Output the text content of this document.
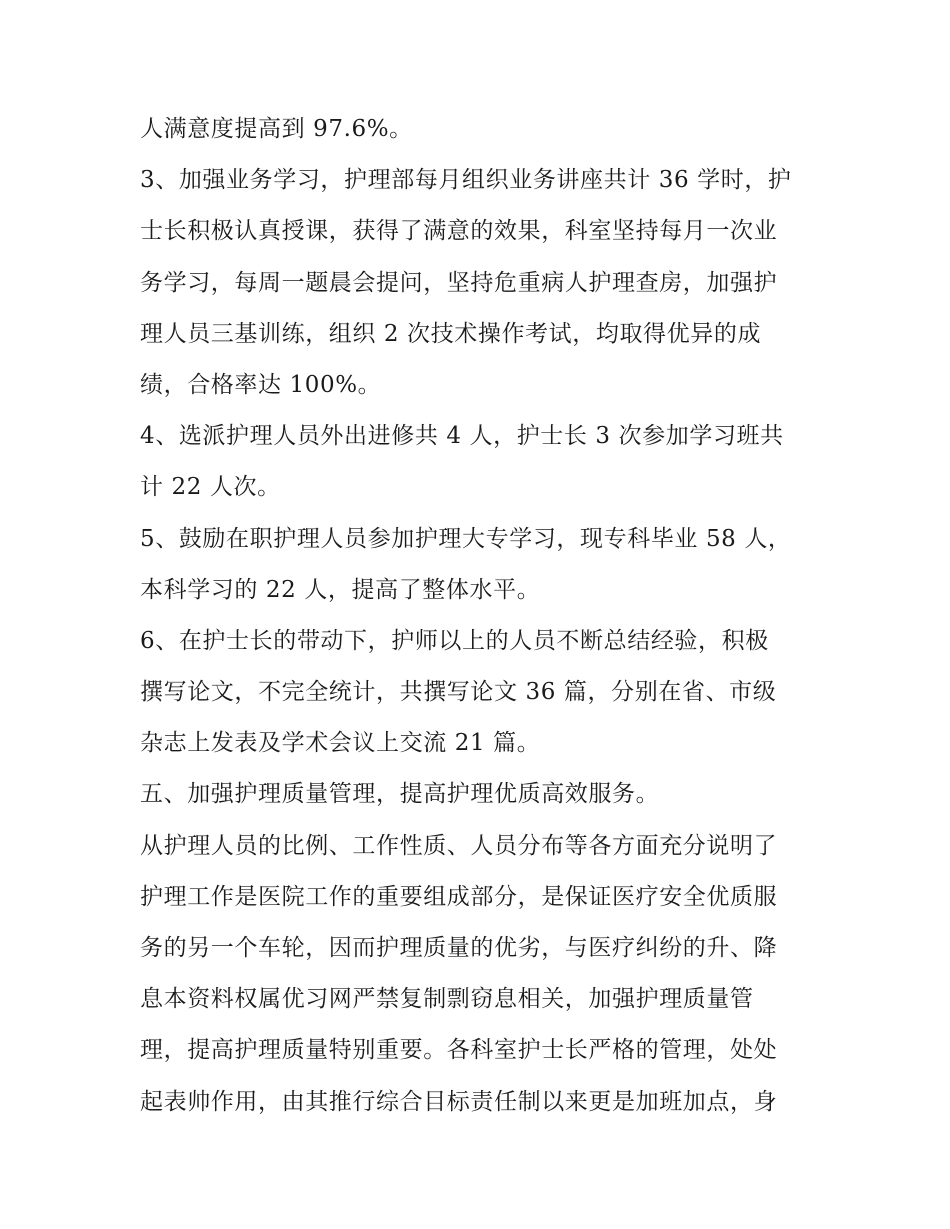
人满意度提高到 97.6%。
3、加强业务学习，护理部每月组织业务讲座共计 36 学时，护
士长积极认真授课，获得了满意的效果，科室坚持每月一次业
务学习，每周一题晨会提问，坚持危重病人护理查房，加强护
理人员三基训练，组织 2 次技术操作考试，均取得优异的成
绩，合格率达 100%。
4、选派护理人员外出进修共 4 人，护士长 3 次参加学习班共
计 22 人次。
5、鼓励在职护理人员参加护理大专学习，现专科毕业 58 人，
本科学习的 22 人，提高了整体水平。
6、在护士长的带动下，护师以上的人员不断总结经验，积极
撰写论文，不完全统计，共撰写论文 36 篇，分别在省、市级
杂志上发表及学术会议上交流 21 篇。
五、加强护理质量管理，提高护理优质高效服务。
从护理人员的比例、工作性质、人员分布等各方面充分说明了
护理工作是医院工作的重要组成部分，是保证医疗安全优质服
务的另一个车轮，因而护理质量的优劣，与医疗纠纷的升、降
息本资料权属优习网严禁复制剽窃息相关，加强护理质量管
理，提高护理质量特别重要。各科室护士长严格的管理，处处
起表帅作用，由其推行综合目标责任制以来更是加班加点，身
